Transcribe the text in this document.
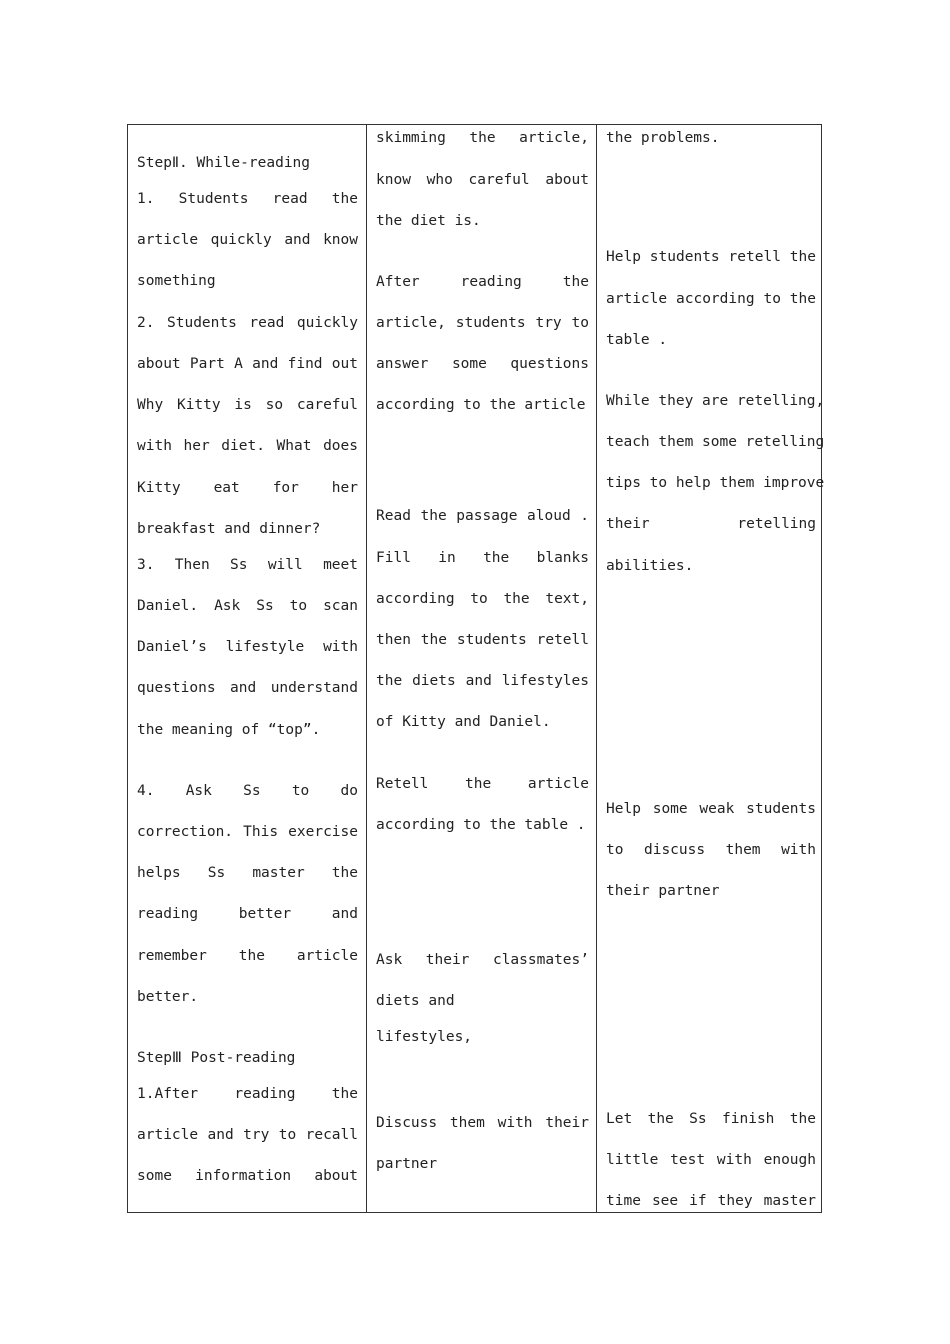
StepⅡ. While-reading
1. Students read the
article quickly and know
something
2. Students read quickly
about Part A and find out
Why Kitty is so careful
with her diet. What does
Kitty eat for her
breakfast and dinner?
3. Then Ss will meet
Daniel. Ask Ss to scan
Daniel’s lifestyle with
questions and understand
the meaning of “top”.
4. Ask Ss to do
correction. This exercise
helps Ss master the
reading better and
remember the article
better.
StepⅢ Post-reading
1.After reading the
article and try to recall
some information about
skimming the article,
know who careful about
the diet is.
After reading the
article, students try to
answer some questions
according to the article
Read the passage aloud .
Fill in the blanks
according to the text,
then the students retell
the diets and lifestyles
of Kitty and Daniel.
Retell the article
according to the table .
Ask their classmates’
diets and
lifestyles,
Discuss them with their
partner
the problems.
Help students retell the
article according to the
table .
While they are retelling,
teach them some retelling
tips to help them improve
their retelling
abilities.
Help some weak students
to discuss them with
their partner
Let the Ss finish the
little test with enough
time see if they master
